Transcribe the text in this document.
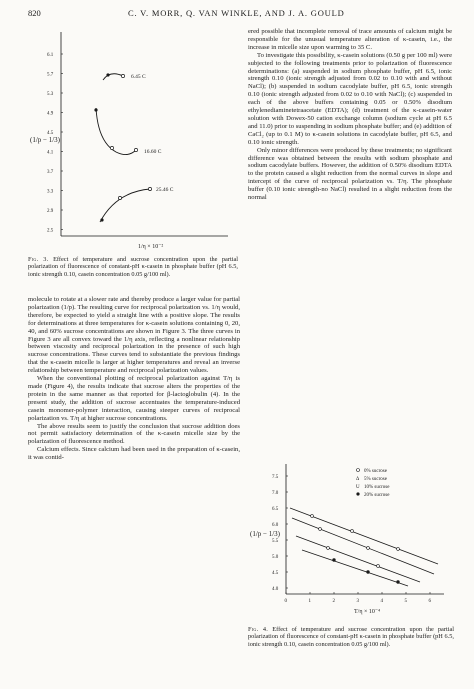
820	C. V. MORR, Q. VAN WINKLE, AND J. A. GOULD
6.1
5.7
5.3
4.9
4.5
4.1
3.7
3.3
2.9
2.5
(1/p − 1/3)
1/η × 10⁻²
6.45 C
16.60 C
25.46 C
Fig. 3. Effect of temperature and sucrose concentration upon the partial polarization of fluorescence of constant-pH κ-casein in phosphate buffer (pH 6.5, ionic strength 0.10, casein concentration 0.05 g/100 ml).

molecule to rotate at a slower rate and thereby produce a larger value for partial polarization (1/p). The resulting curve for reciprocal polarization vs. 1/η would, therefore, be expected to yield a straight line with a positive slope. The results for determinations at three temperatures for κ-casein solutions containing 0, 20, 40, and 60% sucrose concentrations are shown in Figure 3. The three curves in Figure 3 are all convex toward the 1/η axis, reflecting a nonlinear relationship between viscosity and reciprocal polarization in the presence of such high sucrose concentrations. These curves tend to substantiate the previous findings that the κ-casein micelle is larger at higher temperatures and reveal an inverse relationship between temperature and reciprocal polarization values.

When the conventional plotting of reciprocal polarization against T/η is made (Figure 4), the results indicate that sucrose alters the properties of the protein in the same manner as that reported for β-lactoglobulin (4). In the present study, the addition of sucrose accentuates the temperature-induced casein monomer-polymer interaction, causing steeper curves of reciprocal polarization vs. T/η at higher sucrose concentrations.

The above results seem to justify the conclusion that sucrose addition does not permit satisfactory determination of the κ-casein micelle size by the polarization of fluorescence method.

Calcium effects. Since calcium had been used in the preparation of κ-casein, it was contid-

ered possible that incomplete removal of trace amounts of calcium might be responsible for the unusual temperature alteration of κ-casein, i.e., the increase in micelle size upon warming to 35 C.

To investigate this possibility, κ-casein solutions (0.50 g per 100 ml) were subjected to the following treatments prior to polarization of fluorescence determinations: (a) suspended in sodium phosphate buffer, pH 6.5, ionic strength 0.10 (ionic strength adjusted from 0.02 to 0.10 with and without NaCl); (b) suspended in sodium cacodylate buffer, pH 6.5, ionic strength 0.10 (ionic strength adjusted from 0.02 to 0.10 with NaCl); (c) suspended in each of the above buffers containing 0.05 or 0.50% disodium ethylenediaminetetraacetate (EDTA); (d) treatment of the κ-casein-water solution with Dowex-50 cation exchange column (sodium cycle at pH 6.5 and 11.0) prior to suspending in sodium phosphate buffer; and (e) addition of CaCl₂ (up to 0.1 M) to κ-casein solutions in cacodylate buffer, pH 6.5, and 0.10 ionic strength.

Only minor differences were produced by these treatments; no significant difference was obtained between the results with sodium phosphate and sodium cacodylate buffers. However, the addition of 0.50% disodium EDTA to the protein caused a slight reduction from the normal curves in slope and intercept of the curve of reciprocal polarization vs. T/η. The phosphate buffer (0.10 ionic strength-no NaCl) resulted in a slight reduction from the normal

7.5
7.0
6.5
6.0
5.5
5.0
4.5
4.0
0	1	2	3	4	5	6
(1/p − 1/3)
T/η × 10⁻⁴
0% sucrose
Δ 5% sucrose
U 10% sucrose
20% sucrose
Fig. 4. Effect of temperature and sucrose concentration upon the partial polarization of fluorescence of constant-pH κ-casein in phosphate buffer (pH 6.5, ionic strength 0.10, casein concentration 0.05 g/100 ml).
